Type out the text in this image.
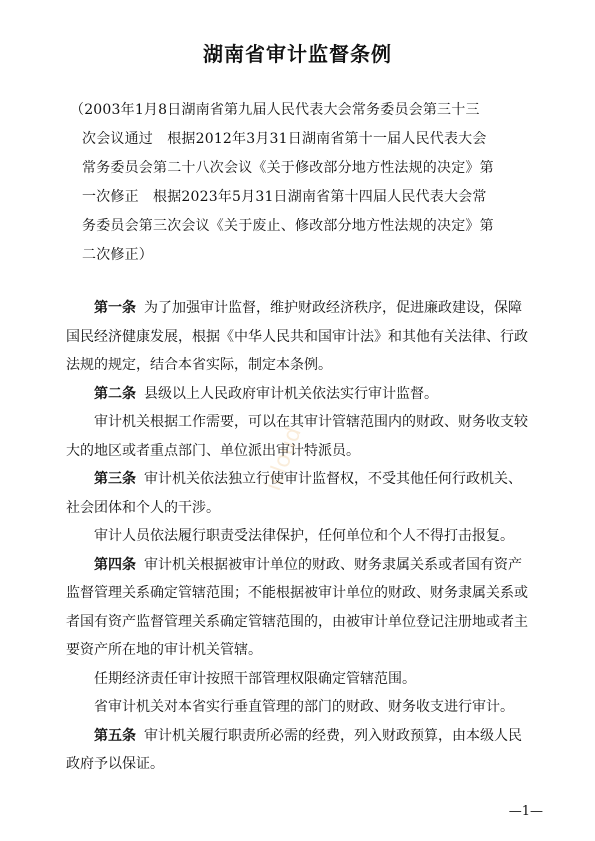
湖南省审计监督条例
（2003年1月8日湖南省第九届人民代表大会常务委员会第三十三
次会议通过　根据2012年3月31日湖南省第十一届人民代表大会
常务委员会第二十八次会议《关于修改部分地方性法规的决定》第
一次修正　根据2023年5月31日湖南省第十四届人民代表大会常
务委员会第三次会议《关于废止、修改部分地方性法规的决定》第
二次修正）
第一条 为了加强审计监督，维护财政经济秩序，促进廉政建设，保障
国民经济健康发展，根据《中华人民共和国审计法》和其他有关法律、行政
法规的规定，结合本省实际，制定本条例。
第二条 县级以上人民政府审计机关依法实行审计监督。
审计机关根据工作需要，可以在其审计管辖范围内的财政、财务收支较
大的地区或者重点部门、单位派出审计特派员。
第三条 审计机关依法独立行使审计监督权，不受其他任何行政机关、
社会团体和个人的干涉。
审计人员依法履行职责受法律保护，任何单位和个人不得打击报复。
第四条 审计机关根据被审计单位的财政、财务隶属关系或者国有资产
监督管理关系确定管辖范围；不能根据被审计单位的财政、财务隶属关系或
者国有资产监督管理关系确定管辖范围的，由被审计单位登记注册地或者主
要资产所在地的审计机关管辖。
任期经济责任审计按照干部管理权限确定管辖范围。
省审计机关对本省实行垂直管理的部门的财政、财务收支进行审计。
第五条 审计机关履行职责所必需的经费，列入财政预算，由本级人民
政府予以保证。
icloud
—1—
